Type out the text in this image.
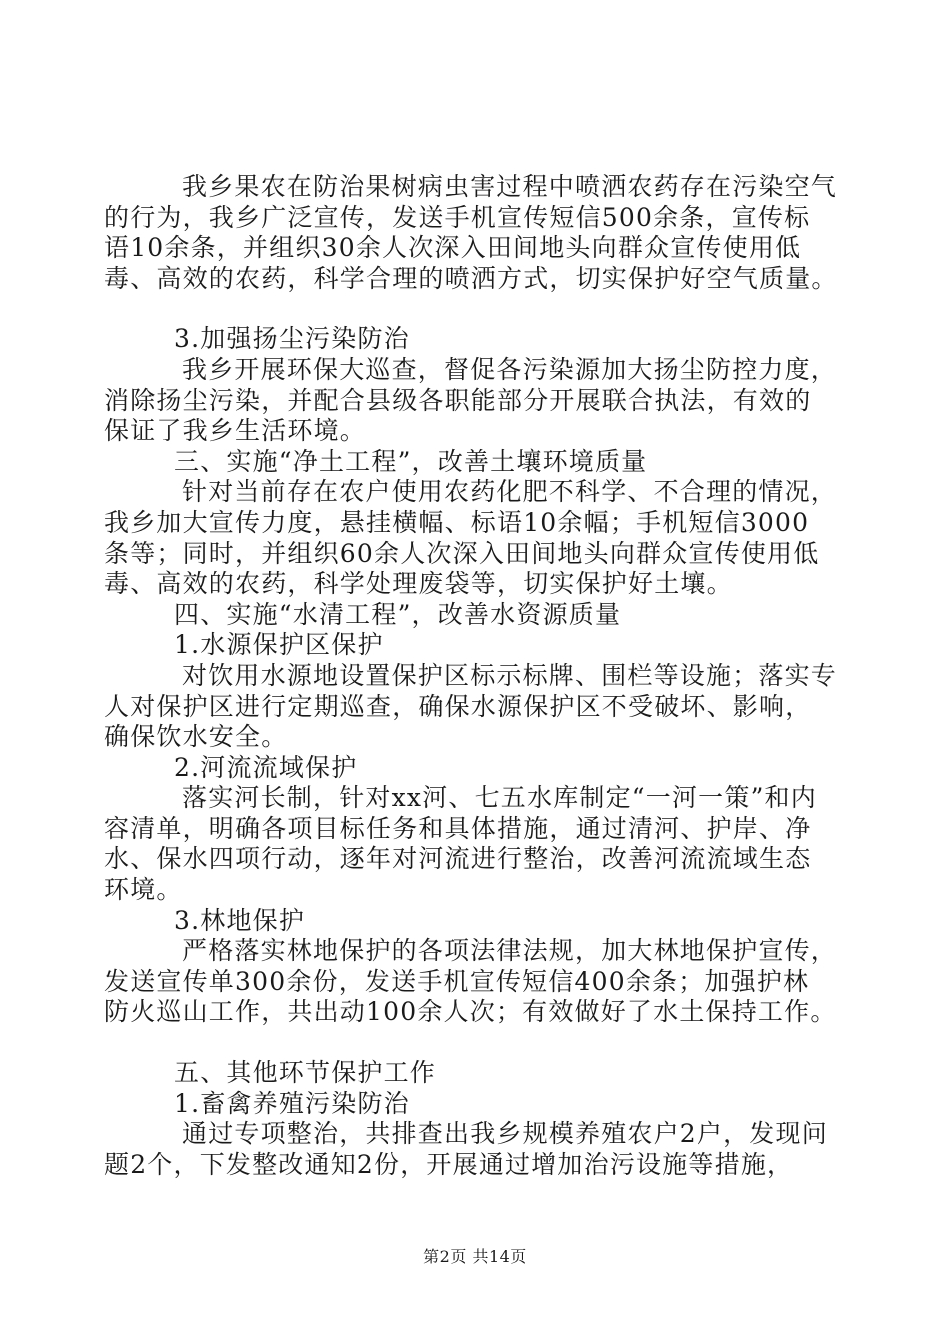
我乡果农在防治果树病虫害过程中喷洒农药存在污染空气
的行为，我乡广泛宣传，发送手机宣传短信500余条，宣传标
语10余条，并组织30余人次深入田间地头向群众宣传使用低
毒、高效的农药，科学合理的喷洒方式，切实保护好空气质量。
3.加强扬尘污染防治
我乡开展环保大巡查，督促各污染源加大扬尘防控力度，
消除扬尘污染，并配合县级各职能部分开展联合执法，有效的
保证了我乡生活环境。
三、实施“净土工程”，改善土壤环境质量
针对当前存在农户使用农药化肥不科学、不合理的情况，
我乡加大宣传力度，悬挂横幅、标语10余幅；手机短信3000
条等；同时，并组织60余人次深入田间地头向群众宣传使用低
毒、高效的农药，科学处理废袋等，切实保护好土壤。
四、实施“水清工程”，改善水资源质量
1.水源保护区保护
对饮用水源地设置保护区标示标牌、围栏等设施；落实专
人对保护区进行定期巡查，确保水源保护区不受破坏、影响，
确保饮水安全。
2.河流流域保护
落实河长制，针对xx河、七五水库制定“一河一策”和内
容清单，明确各项目标任务和具体措施，通过清河、护岸、净
水、保水四项行动，逐年对河流进行整治，改善河流流域生态
环境。
3.林地保护
严格落实林地保护的各项法律法规，加大林地保护宣传，
发送宣传单300余份，发送手机宣传短信400余条；加强护林
防火巡山工作，共出动100余人次；有效做好了水土保持工作。
五、其他环节保护工作
1.畜禽养殖污染防治
通过专项整治，共排查出我乡规模养殖农户2户，发现问
题2个，下发整改通知2份，开展通过增加治污设施等措施，
第2页 共14页
